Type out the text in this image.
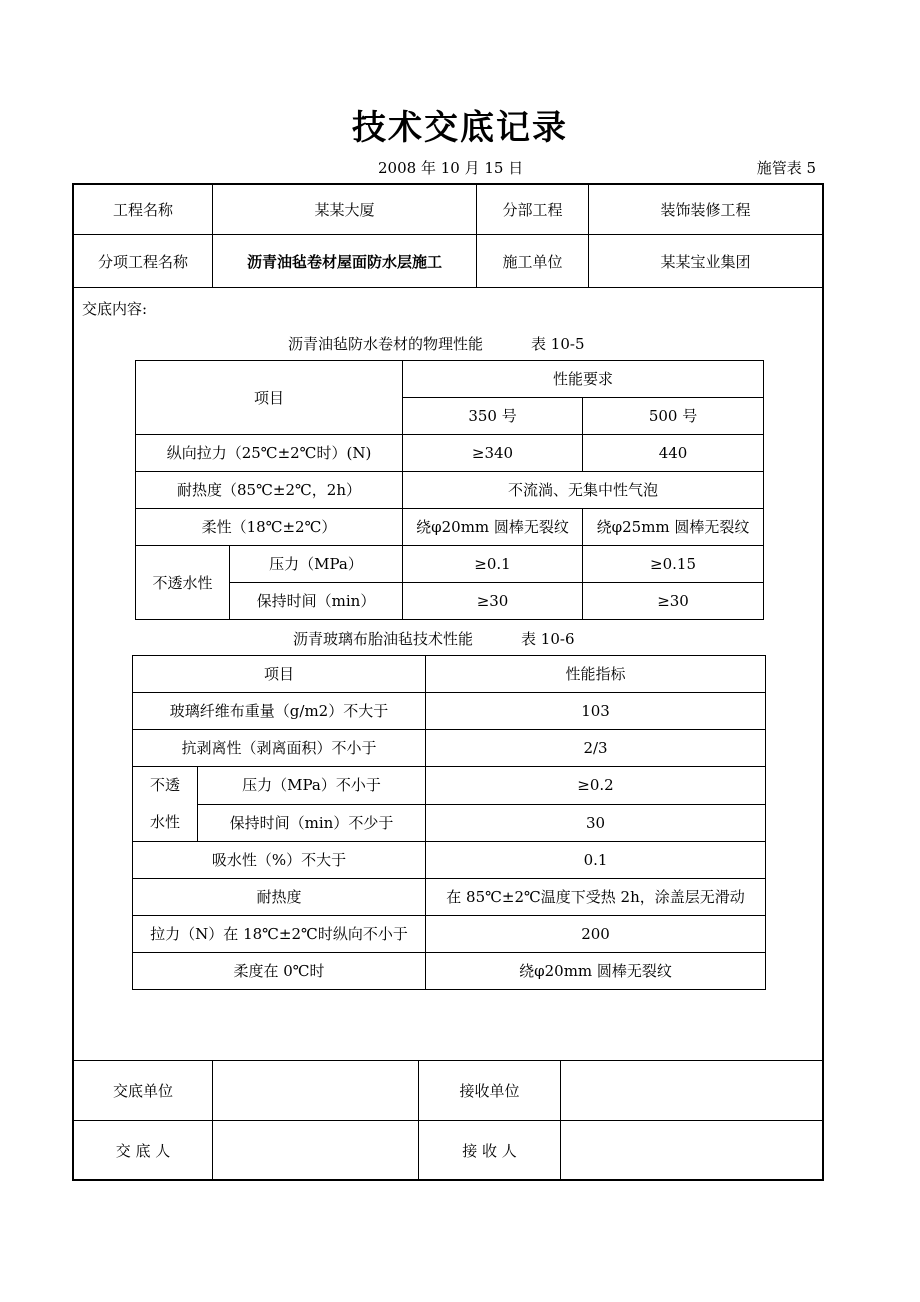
技术交底记录
2008 年 10 月 15 日	施管表 5
工程名称	某某大厦	分部工程	装饰装修工程
分项工程名称	沥青油毡卷材屋面防水层施工	施工单位	某某宝业集团
交底内容:
沥青油毡防水卷材的物理性能	表 10-5
项目		性能要求	
		350 号	500 号
纵向拉力（25℃±2℃时）(N)		≥340	440
耐热度（85℃±2℃，2h）		不流淌、无集中性气泡	
柔性（18℃±2℃）		绕φ20mm 圆棒无裂纹	绕φ25mm 圆棒无裂纹
不透水性	压力（MPa）	≥0.1	≥0.15
	保持时间（min）	≥30	≥30
沥青玻璃布胎油毡技术性能	表 10-6
项目		性能指标
玻璃纤维布重量（g/m2）不大于		103
抗剥离性（剥离面积）不小于		2/3
不透
水性	压力（MPa）不小于	≥0.2
	保持时间（min）不少于	30
吸水性（%）不大于		0.1
耐热度		在 85℃±2℃温度下受热 2h，涂盖层无滑动
拉力（N）在 18℃±2℃时纵向不小于		200
柔度在 0℃时		绕φ20mm 圆棒无裂纹
交底单位	接收单位
交 底 人	接 收 人
